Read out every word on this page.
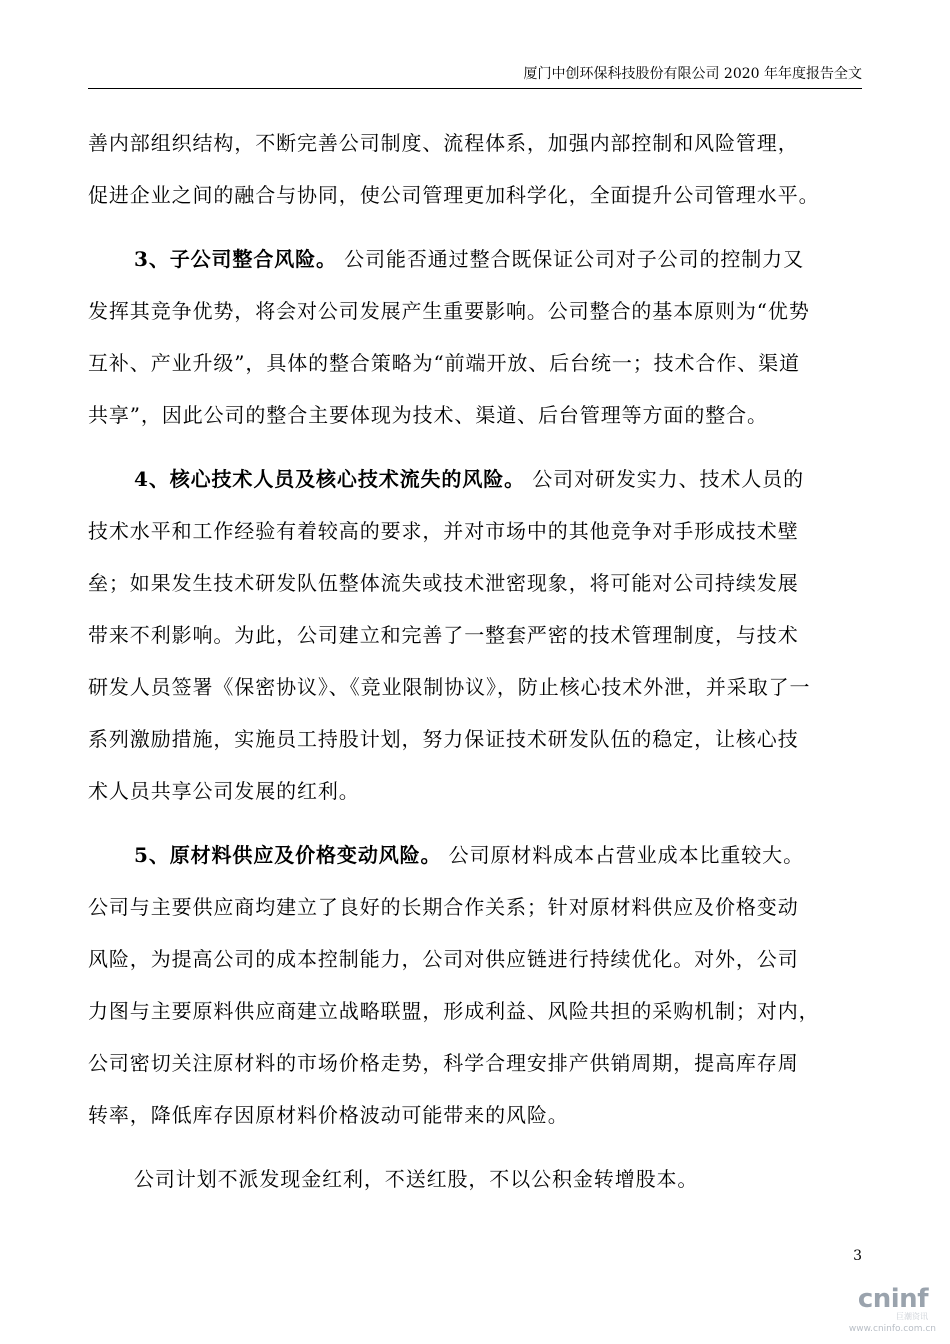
厦门中创环保科技股份有限公司 2020 年年度报告全文

善内部组织结构，不断完善公司制度、流程体系，加强内部控制和风险管理，
促进企业之间的融合与协同，使公司管理更加科学化，全面提升公司管理水平。

3、子公司整合风险。 公司能否通过整合既保证公司对子公司的控制力又
发挥其竞争优势，将会对公司发展产生重要影响。公司整合的基本原则为“优势
互补、产业升级”，具体的整合策略为“前端开放、后台统一；技术合作、渠道
共享”，因此公司的整合主要体现为技术、渠道、后台管理等方面的整合。

4、核心技术人员及核心技术流失的风险。 公司对研发实力、技术人员的
技术水平和工作经验有着较高的要求，并对市场中的其他竞争对手形成技术壁
垒；如果发生技术研发队伍整体流失或技术泄密现象，将可能对公司持续发展
带来不利影响。为此，公司建立和完善了一整套严密的技术管理制度，与技术
研发人员签署《保密协议》、《竞业限制协议》，防止核心技术外泄，并采取了一
系列激励措施，实施员工持股计划，努力保证技术研发队伍的稳定，让核心技
术人员共享公司发展的红利。

5、原材料供应及价格变动风险。 公司原材料成本占营业成本比重较大。
公司与主要供应商均建立了良好的长期合作关系；针对原材料供应及价格变动
风险，为提高公司的成本控制能力，公司对供应链进行持续优化。对外，公司
力图与主要原料供应商建立战略联盟，形成利益、风险共担的采购机制；对内，
公司密切关注原材料的市场价格走势，科学合理安排产供销周期，提高库存周
转率，降低库存因原材料价格波动可能带来的风险。

公司计划不派发现金红利，不送红股，不以公积金转增股本。

3
cninf
巨潮资讯
www.cninfo.com.cn
